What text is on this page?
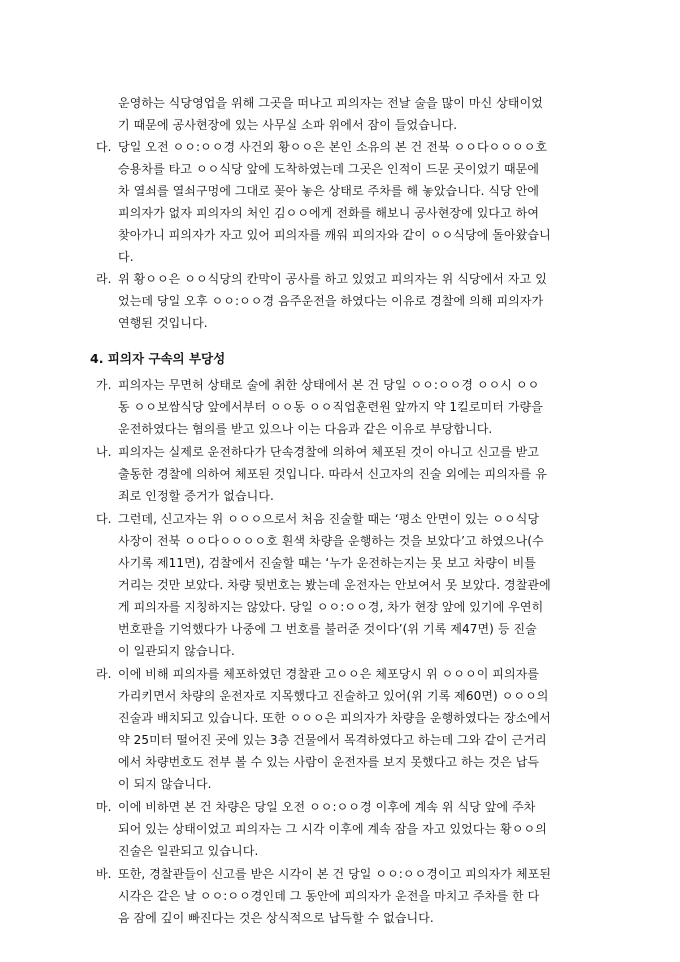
운영하는 식당영업을 위해 그곳을 떠나고 피의자는 전날 술을 많이 마신 상태이었
기 때문에 공사현장에 있는 사무실 소파 위에서 잠이 들었습니다.
다. 당일 오전 ㅇㅇ:ㅇㅇ경 사건외 황ㅇㅇ은 본인 소유의 본 건 전북 ㅇㅇ다ㅇㅇㅇㅇ호
승용차를 타고 ㅇㅇ식당 앞에 도착하였는데 그곳은 인적이 드문 곳이었기 때문에
차 열쇠를 열쇠구멍에 그대로 꽂아 놓은 상태로 주차를 해 놓았습니다. 식당 안에
피의자가 없자 피의자의 처인 김ㅇㅇ에게 전화를 해보니 공사현장에 있다고 하여
찾아가니 피의자가 자고 있어 피의자를 깨워 피의자와 같이 ㅇㅇ식당에 돌아왔습니
다.
라. 위 황ㅇㅇ은 ㅇㅇ식당의 칸막이 공사를 하고 있었고 피의자는 위 식당에서 자고 있
었는데 당일 오후 ㅇㅇ:ㅇㅇ경 음주운전을 하였다는 이유로 경찰에 의해 피의자가
연행된 것입니다.
4. 피의자 구속의 부당성
가. 피의자는 무면허 상태로 술에 취한 상태에서 본 건 당일 ㅇㅇ:ㅇㅇ경 ㅇㅇ시 ㅇㅇ
동 ㅇㅇ보쌈식당 앞에서부터 ㅇㅇ동 ㅇㅇ직업훈련원 앞까지 약 1킬로미터 가량을
운전하였다는 혐의를 받고 있으나 이는 다음과 같은 이유로 부당합니다.
나. 피의자는 실제로 운전하다가 단속경찰에 의하여 체포된 것이 아니고 신고를 받고
출동한 경찰에 의하여 체포된 것입니다. 따라서 신고자의 진술 외에는 피의자를 유
죄로 인정할 증거가 없습니다.
다. 그런데, 신고자는 위 ㅇㅇㅇ으로서 처음 진술할 때는 ‘평소 안면이 있는 ㅇㅇ식당
사장이 전북 ㅇㅇ다ㅇㅇㅇㅇ호 흰색 차량을 운행하는 것을 보았다’고 하였으나(수
사기록 제11면), 검찰에서 진술할 때는 ‘누가 운전하는지는 못 보고 차량이 비틀
거리는 것만 보았다. 차량 뒷번호는 봤는데 운전자는 안보여서 못 보았다. 경찰관에
게 피의자를 지칭하지는 않았다. 당일 ㅇㅇ:ㅇㅇ경, 차가 현장 앞에 있기에 우연히
번호판을 기억했다가 나중에 그 번호를 불러준 것이다’(위 기록 제47면) 등 진술
이 일관되지 않습니다.
라. 이에 비해 피의자를 체포하였던 경찰관 고ㅇㅇ은 체포당시 위 ㅇㅇㅇ이 피의자를
가리키면서 차량의 운전자로 지목했다고 진술하고 있어(위 기록 제60면) ㅇㅇㅇ의
진술과 배치되고 있습니다. 또한 ㅇㅇㅇ은 피의자가 차량을 운행하였다는 장소에서
약 25미터 떨어진 곳에 있는 3층 건물에서 목격하였다고 하는데 그와 같이 근거리
에서 차량번호도 전부 볼 수 있는 사람이 운전자를 보지 못했다고 하는 것은 납득
이 되지 않습니다.
마. 이에 비하면 본 건 차량은 당일 오전 ㅇㅇ:ㅇㅇ경 이후에 계속 위 식당 앞에 주차
되어 있는 상태이었고 피의자는 그 시각 이후에 계속 잠을 자고 있었다는 황ㅇㅇ의
진술은 일관되고 있습니다.
바. 또한, 경찰관들이 신고를 받은 시각이 본 건 당일 ㅇㅇ:ㅇㅇ경이고 피의자가 체포된
시각은 같은 날 ㅇㅇ:ㅇㅇ경인데 그 동안에 피의자가 운전을 마치고 주차를 한 다
음 잠에 깊이 빠진다는 것은 상식적으로 납득할 수 없습니다.
